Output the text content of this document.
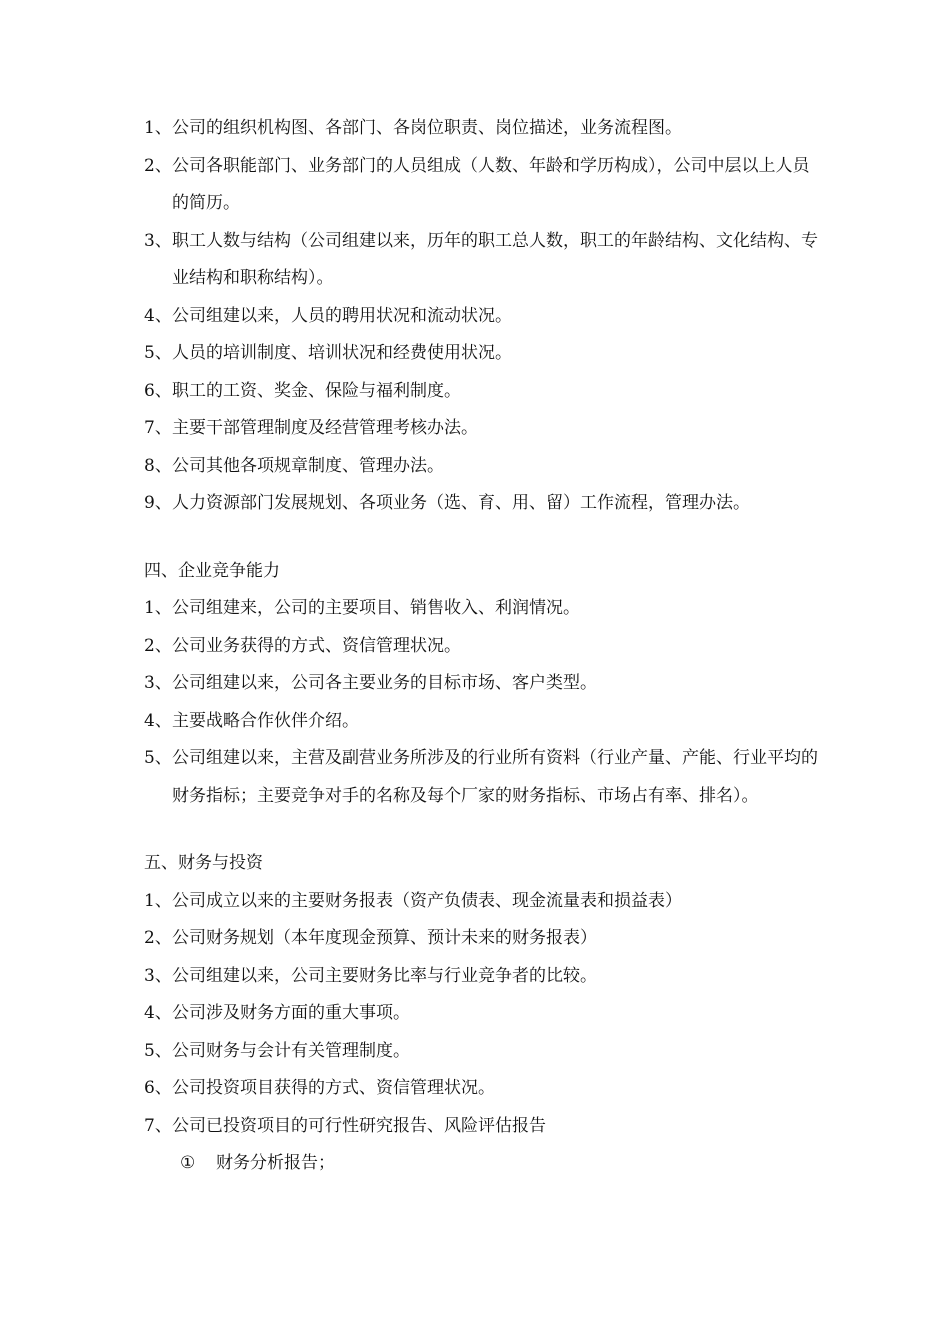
1、 公司的组织机构图、各部门、各岗位职责、岗位描述，业务流程图。

2、 公司各职能部门、业务部门的人员组成（人数、年龄和学历构成），公司中层以上人员的简历。

3、 职工人数与结构（公司组建以来，历年的职工总人数，职工的年龄结构、文化结构、专业结构和职称结构）。

4、 公司组建以来，人员的聘用状况和流动状况。

5、 人员的培训制度、培训状况和经费使用状况。

6、 职工的工资、奖金、保险与福利制度。

7、 主要干部管理制度及经营管理考核办法。

8、 公司其他各项规章制度、管理办法。

9、 人力资源部门发展规划、各项业务（选、育、用、留）工作流程，管理办法。

四、企业竞争能力

1、 公司组建来，公司的主要项目、销售收入、利润情况。

2、 公司业务获得的方式、资信管理状况。

3、 公司组建以来，公司各主要业务的目标市场、客户类型。

4、 主要战略合作伙伴介绍。

5、 公司组建以来，主营及副营业务所涉及的行业所有资料（行业产量、产能、行业平均的财务指标；主要竞争对手的名称及每个厂家的财务指标、市场占有率、排名）。

五、财务与投资

1、 公司成立以来的主要财务报表（资产负债表、现金流量表和损益表）

2、 公司财务规划（本年度现金预算、预计未来的财务报表）

3、 公司组建以来，公司主要财务比率与行业竞争者的比较。

4、 公司涉及财务方面的重大事项。

5、 公司财务与会计有关管理制度。

6、 公司投资项目获得的方式、资信管理状况。

7、 公司已投资项目的可行性研究报告、风险评估报告

① 财务分析报告；
